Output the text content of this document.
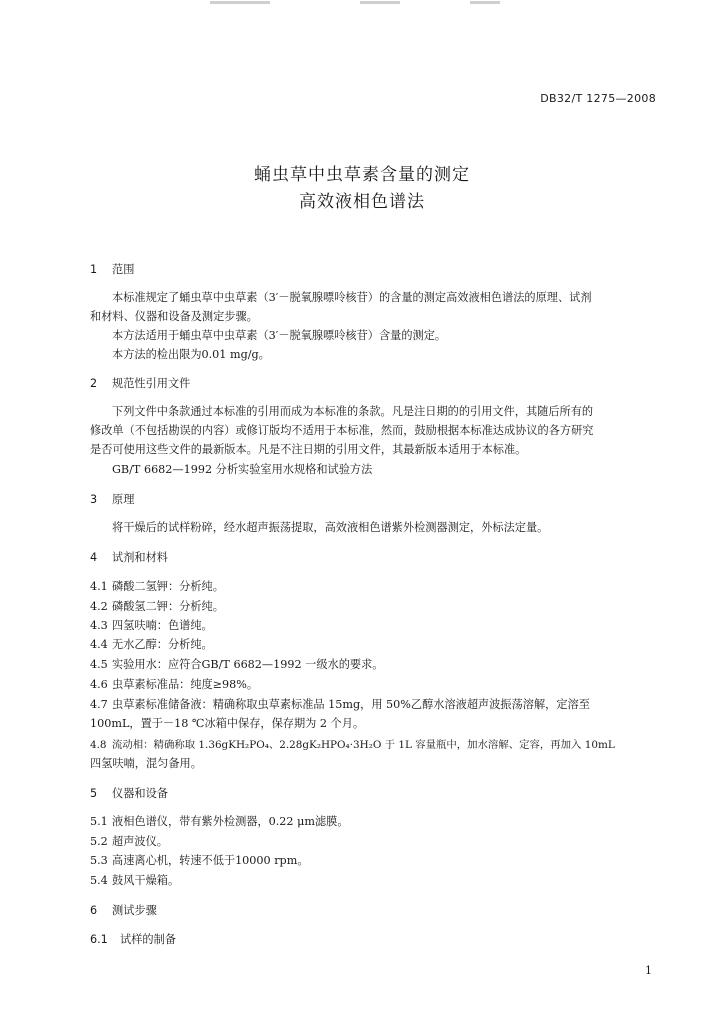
DB32/T 1275—2008
蛹虫草中虫草素含量的测定
高效液相色谱法
1 范围
本标准规定了蛹虫草中虫草素（3′－脱氧腺嘌呤核苷）的含量的测定高效液相色谱法的原理、试剂
和材料、仪器和设备及测定步骤。
本方法适用于蛹虫草中虫草素（3′－脱氧腺嘌呤核苷）含量的测定。
本方法的检出限为0.01 mg/g。
2 规范性引用文件
下列文件中条款通过本标准的引用而成为本标准的条款。凡是注日期的的引用文件，其随后所有的
修改单（不包括勘误的内容）或修订版均不适用于本标准，然而，鼓励根据本标准达成协议的各方研究
是否可使用这些文件的最新版本。凡是不注日期的引用文件，其最新版本适用于本标准。
GB/T 6682—1992 分析实验室用水规格和试验方法
3 原理
将干燥后的试样粉碎，经水超声振荡提取，高效液相色谱紫外检测器测定，外标法定量。
4 试剂和材料
4.1 磷酸二氢钾：分析纯。
4.2 磷酸氢二钾：分析纯。
4.3 四氢呋喃：色谱纯。
4.4 无水乙醇：分析纯。
4.5 实验用水：应符合GB/T 6682—1992 一级水的要求。
4.6 虫草素标准品：纯度≥98%。
4.7 虫草素标准储备液：精确称取虫草素标准品 15mg，用 50%乙醇水溶液超声波振荡溶解，定溶至
100mL，置于－18 ℃冰箱中保存，保存期为 2 个月。
4.8 流动相：精确称取 1.36gKH₂PO₄、2.28gK₂HPO₄·3H₂O 于 1L 容量瓶中，加水溶解、定容，再加入 10mL
四氢呋喃，混匀备用。
5 仪器和设备
5.1 液相色谱仪，带有紫外检测器，0.22 μm滤膜。
5.2 超声波仪。
5.3 高速离心机，转速不低于10000 rpm。
5.4 鼓风干燥箱。
6 测试步骤
6.1 试样的制备
1
